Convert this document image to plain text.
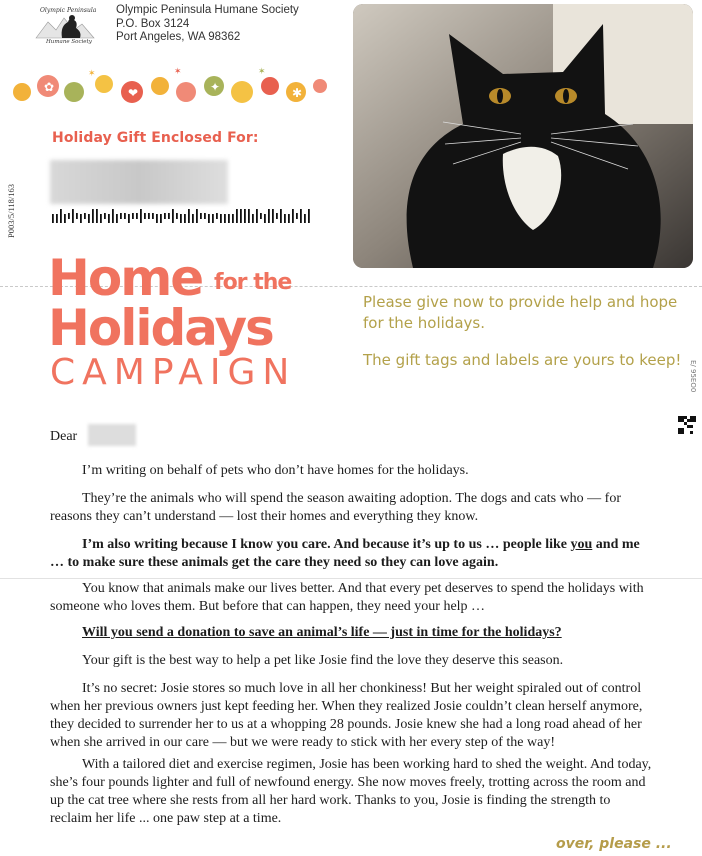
Olympic Peninsula
Humane Society
Olympic Peninsula Humane Society
P.O. Box 3124
Port Angeles, WA 98362
✿	❤	✦	✱
✶	✶	✶
P003/5/118/163
Holiday Gift Enclosed For:
Home for the
Holidays
CAMPAIGN
Please give now to provide help and hope for the holidays.
The gift tags and labels are yours to keep! E/ 95EO0
Dear

I’m writing on behalf of pets who don’t have homes for the holidays.

They’re the animals who will spend the season awaiting adoption. The dogs and cats who — for reasons they can’t understand — lost their homes and everything they know.

I’m also writing because I know you care. And because it’s up to us … people like you and me … to make sure these animals get the care they need so they can love again.

You know that animals make our lives better. And that every pet deserves to spend the holidays with someone who loves them. But before that can happen, they need your help …

Will you send a donation to save an animal’s life — just in time for the holidays?

Your gift is the best way to help a pet like Josie find the love they deserve this season.

It’s no secret: Josie stores so much love in all her chonkiness! But her weight spiraled out of control when her previous owners just kept feeding her. When they realized Josie couldn’t clean herself anymore, they decided to surrender her to us at a whopping 28 pounds. Josie knew she had a long road ahead of her when she arrived in our care — but we were ready to stick with her every step of the way!

With a tailored diet and exercise regimen, Josie has been working hard to shed the weight. And today, she’s four pounds lighter and full of newfound energy. She now moves freely, trotting across the room and up the cat tree where she rests from all her hard work. Thanks to you, Josie is finding the strength to reclaim her life ... one paw step at a time.

over, please ...
